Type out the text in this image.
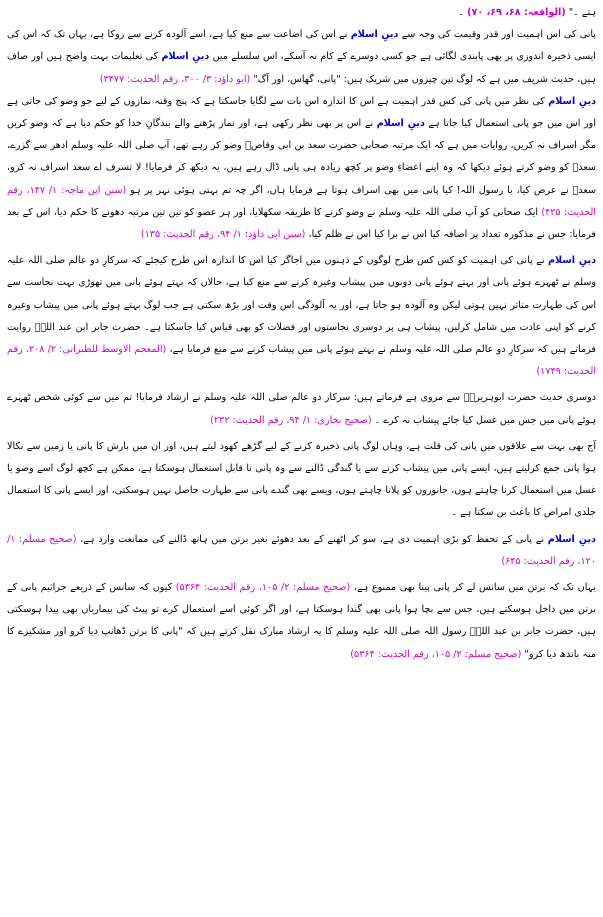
ہتے ۔" (الواقعہ: ۶۸، ۶۹، ۷۰) ۔

پانی کی اس اہمیت اور قدر وقیمت کی وجہ سے دینِ اسلام نے اس کی اضاعت سے منع کیا ہے، اسے آلودہ کرنے سے روکا ہے، یہاں تک کہ اس کی ایسی ذخیرہ اندوزی پر بھی پابندی لگائی ہے جو کسی دوسرے کے کام نہ آسکے، اس سلسلے میں دینِ اسلام کی تعلیمات بہت واضح ہیں اور صاف ہیں، حدیث شریف میں ہے کہ لوگ تین چیزوں میں شریک ہیں: "پانی، گھاس، اور آگ" (ابو داؤد: ۳/ ۳۰۰، رقم الحدیث: ۳۴۷۷)

دینِ اسلام کی نظر میں پانی کی کس قدر اہمیت ہے اس کا اندازہ اس بات سے لگایا جاسکتا ہے کہ پنج وقتہ نمازوں کے لیے جو وضو کی جاتی ہے اور اس میں جو پانی استعمال کیا جاتا ہے دینِ اسلام نے اس پر بھی نظر رکھی ہے، اور نماز پڑھنے والے بندگانِ خدا کو حکم دیا ہے کہ وضو کریں مگر اسراف نہ کریں، روایات میں ہے کہ ایک مرتبہ صحابی حضرت سعد بن ابی وقاصؓ وضو کر رہے تھے، آپ صلی اللہ علیہ وسلم ادھر سے گزرے، سعدؓ کو وضو کرتے ہوئے دیکھا کہ وہ اپنے اعضاءِ وضو پر کچھ زیادہ ہی پانی ڈال رہے ہیں، یہ دیکھ کر فرمایا! لا تسرف اے سعد اسراف نہ کرو، سعدؓ نے عرض کیا، یا رسول اللہ! کیا پانی میں بھی اسراف ہوتا ہے فرمایا ہاں، اگر چہ تم بہتی ہوئی نہر پر ہو (سنن ابن ماجہ: ۱/ ۱۴۷، رقم الحدیث: ۴۲۵) ایک صحابی کو آپ صلی اللہ علیہ وسلم نے وضو کرنے کا طریقہ سکھلایا، اور ہر عضو کو تین تین مرتبہ دھونے کا حکم دیا، اس کے بعد فرمایا: جس نے مذکورہ تعداد پر اضافہ کیا اس نے برا کیا اس نے ظلم کیا، (سنن ابی داؤد: ۱/ ۹۴، رقم الحدیث: ۱۳۵)

دینِ اسلام نے پانی کی اہمیت کو کس کس طرح لوگوں کے ذہنوں میں اجاگر کیا اس کا اندازہ اس طرح کیجئے کہ سرکارِ دو عالم صلی اللہ علیہ وسلم نے ٹھہرے ہوئے پانی اور بہتے ہوئے پانی دونوں میں پیشاب وغیرہ کرنے سے منع کیا ہے، حالاں کہ بہتے ہوئے پانی میں تھوڑی بہت نجاست سے اس کی طہارت متاثر نہیں ہوتی لیکن وہ آلودہ ہو جاتا ہے، اور یہ آلودگی اس وقت اور بڑھ سکتی ہے جب لوگ بہتے ہوئے پانی میں پیشاب وغیرہ کرنے کو اپنی عادت میں شامل کرلیں، پیشاب ہی پر دوسری نجاستوں اور فضلات کو بھی قیاس کیا جاسکتا ہے۔ حضرت جابر ابن عبد اللہؓ روایت فرماتے ہیں کہ سرکارِ دو عالم صلی اللہ علیہ وسلم نے بہتے ہوئے پانی میں پیشاب کرنے سے منع فرمایا ہے، (المعجم الاوسط للطبرانی: ۲/ ۲۰۸، رقم الحدیث: ۱۷۴۹)

دوسری حدیث حضرت ابوہریرہؓ سے مروی ہے فرماتے ہیں: سرکار دو عالم صلی اللہ علیہ وسلم نے ارشاد فرمایا! تم میں سے کوئی شخص ٹھہرے ہوئے پانی میں جس میں غسل کیا جائے پیشاب نہ کرے ۔ (صحیح بخاری: ۱/ ۹۴، رقم الحدیث: ۲۳۲)

آج بھی بہت سے علاقوں میں پانی کی قلت ہے، وہاں لوگ پانی ذخیرہ کرنے کے لیے گڑھے کھود لیتے ہیں، اور ان میں بارش کا پانی یا زمین سے نکالا ہوا پانی جمع کرلیتے ہیں، ایسے پانی میں پیشاب کرنے سے یا گندگی ڈالنے سے وہ پانی نا قابل استعمال ہوسکتا ہے، ممکن ہے کچھ لوگ اسے وضو یا غسل میں استعمال کرنا چاہتے ہوں، جانوروں کو پلانا چاہتے ہوں، ویسے بھی گندے پانی سے طہارت حاصل نہیں ہوسکتی، اور ایسے پانی کا استعمال جلدی امراض کا باعث بن سکتا ہے ۔

دینِ اسلام نے پانی کے تحفظ کو بڑی اہمیت دی ہے، سو کر اٹھنے کے بعد دھوئے بغیر برتن میں ہاتھ ڈالنے کی ممانعت وارد ہے، (صحیح مسلم: ۱/ ۱۲۰، رقم الحدیث: ۶۴۵)

یہاں تک کہ برتن میں سانس لے کر پانی پینا بھی ممنوع ہے، (صحیح مسلم: ۲/ ۱۰۵، رقم الحدیث: ۵۳۶۴) کیوں کہ سانس کے ذریعے جراثیم پانی کے برتن میں داخل ہوسکتے ہیں، جس سے بچا ہوا پانی بھی گندا ہوسکتا ہے، اور اگر کوئی اسے استعمال کرے تو پیٹ کی بیماریاں بھی پیدا ہوسکتی ہیں، حضرت جابر بن عبد اللہؓ رسول اللہ صلی اللہ علیہ وسلم کا یہ ارشاد مبارک نقل کرتے ہیں کہ "پانی کا برتن ڈھانپ دیا کرو اور مشکیزے کا منہ باندھ دیا کرو" (صحیح مسلم: ۲/ ۱۰۵، رقم الحدیث: ۵۳۶۴)
